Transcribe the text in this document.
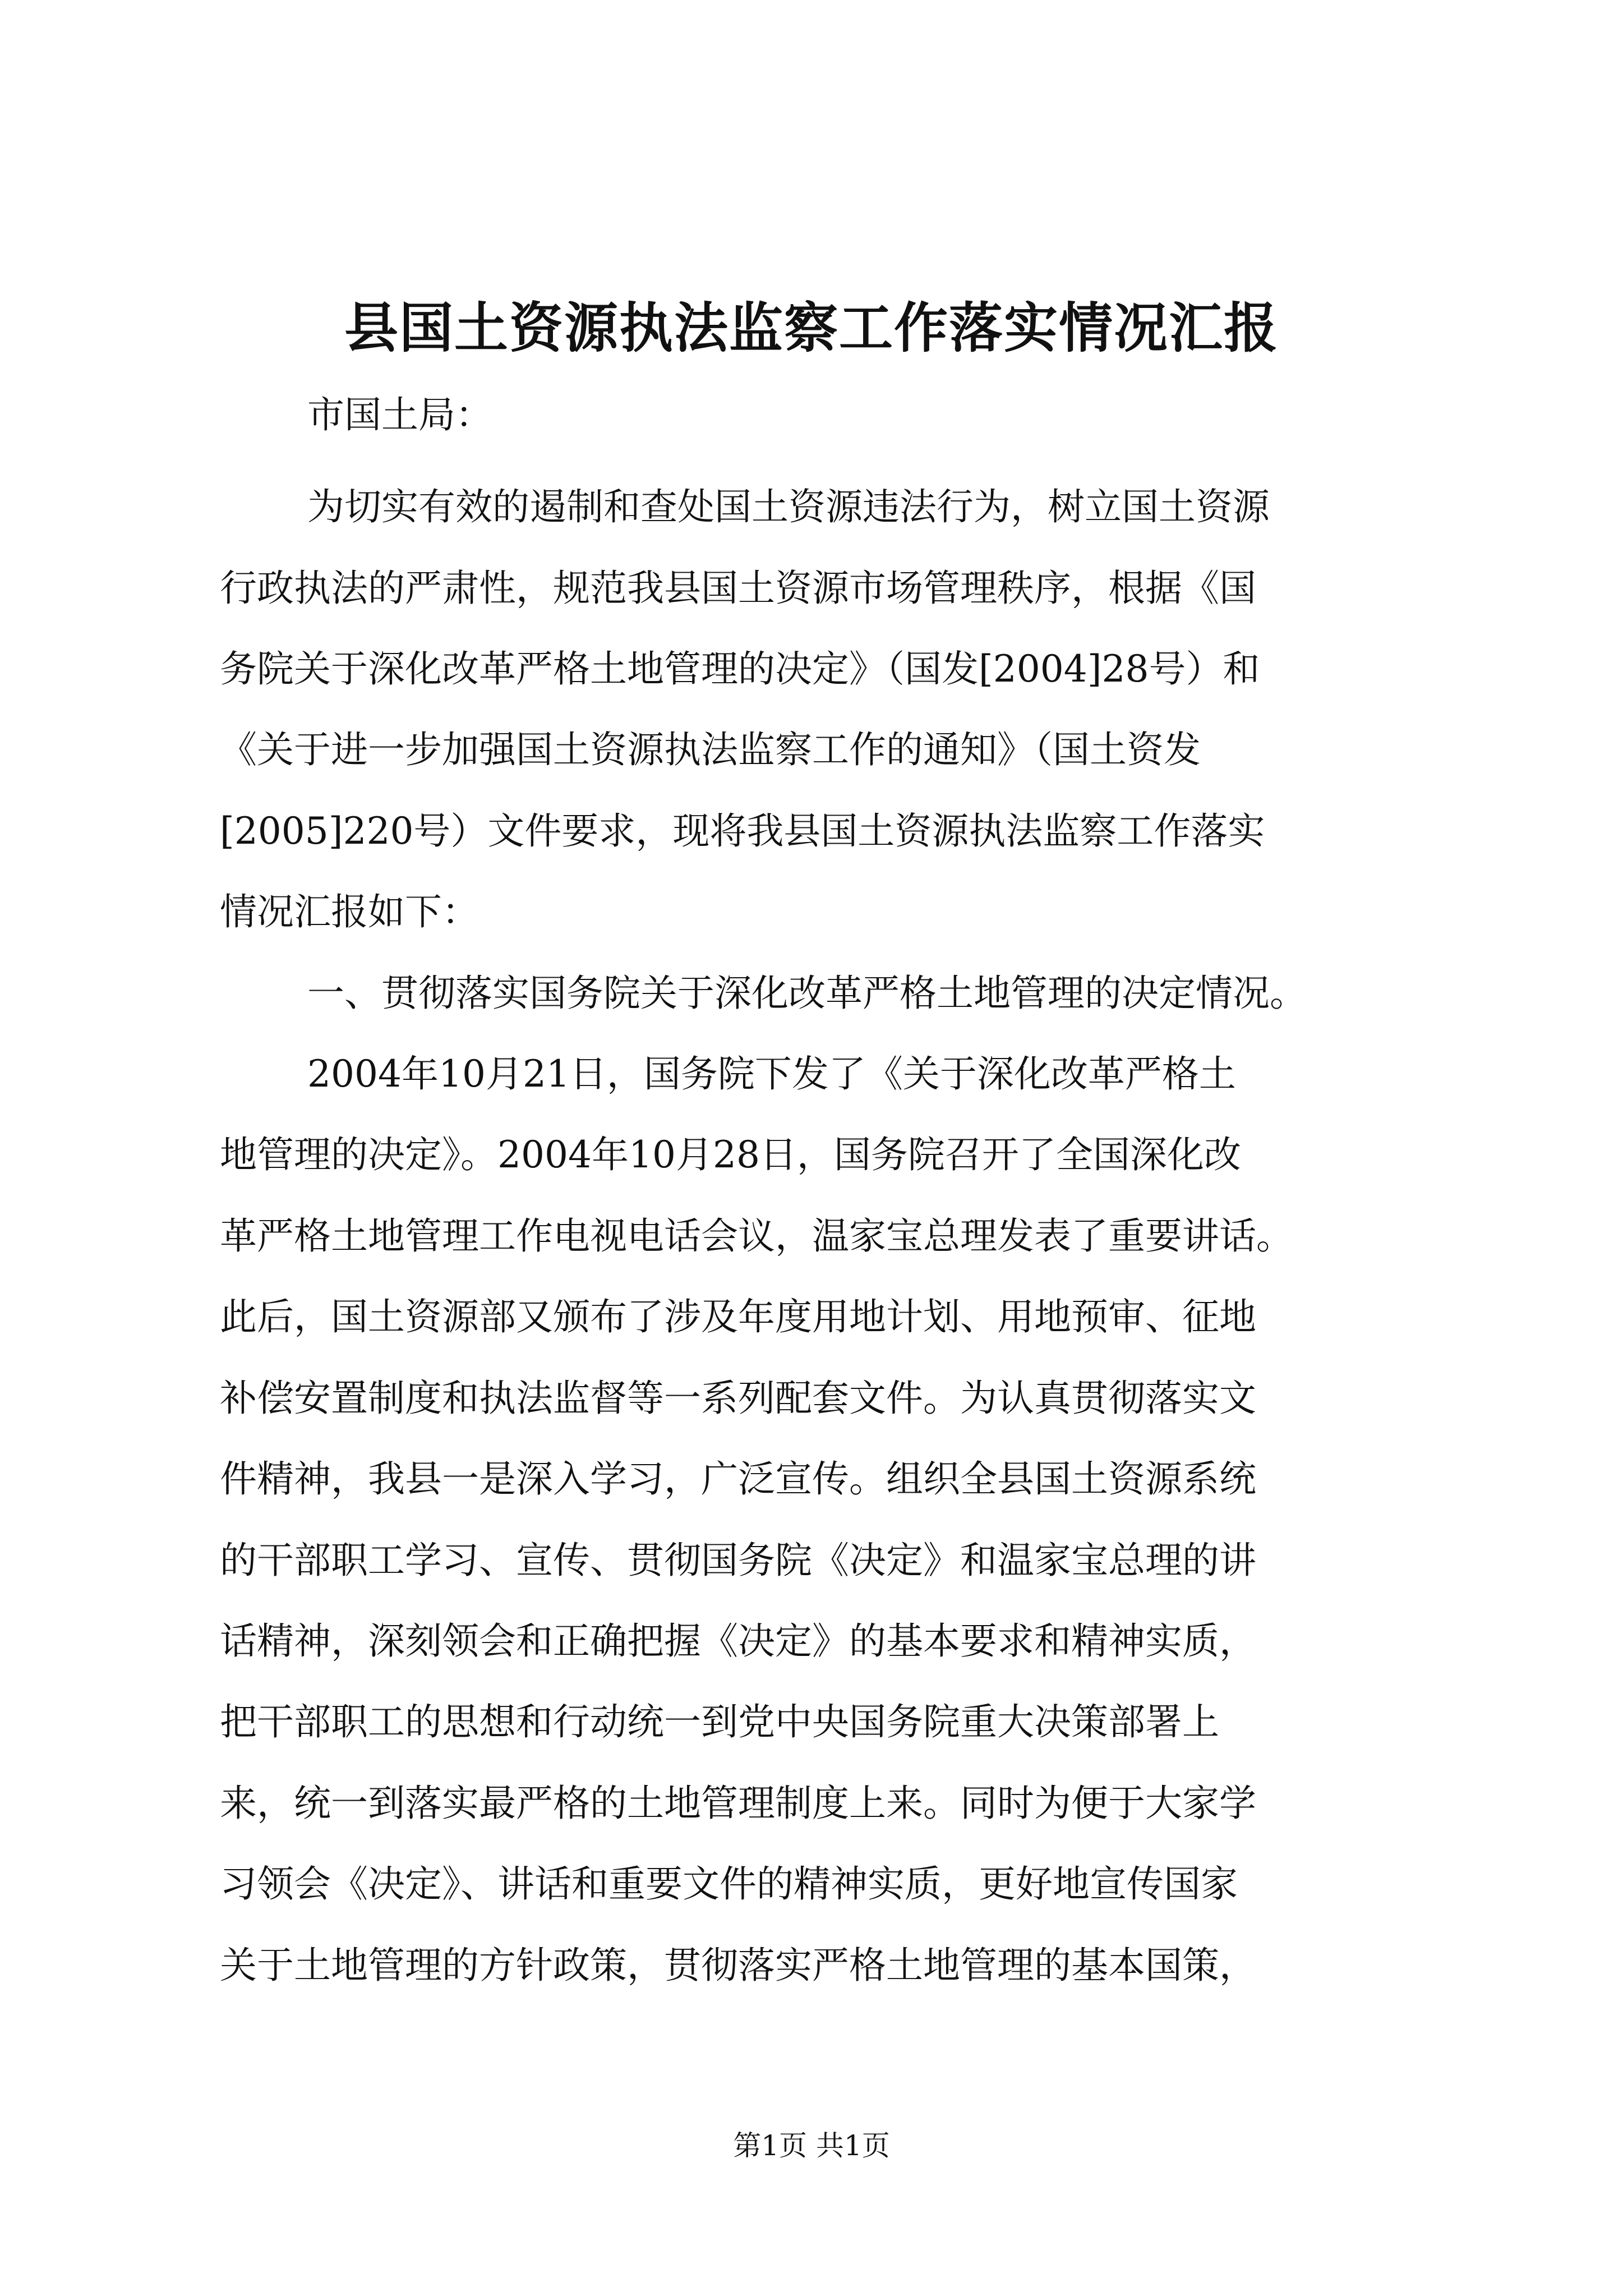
县国土资源执法监察工作落实情况汇报

市国土局：

为切实有效的遏制和查处国土资源违法行为，树立国土资源

行政执法的严肃性，规范我县国土资源市场管理秩序，根据《国

务院关于深化改革严格土地管理的决定》（国发[2004]28号）和

《关于进一步加强国土资源执法监察工作的通知》（国土资发

[2005]220号）文件要求，现将我县国土资源执法监察工作落实

情况汇报如下：

一、贯彻落实国务院关于深化改革严格土地管理的决定情况。

2004年10月21日，国务院下发了《关于深化改革严格土

地管理的决定》。2004年10月28日，国务院召开了全国深化改

革严格土地管理工作电视电话会议，温家宝总理发表了重要讲话。

此后，国土资源部又颁布了涉及年度用地计划、用地预审、征地

补偿安置制度和执法监督等一系列配套文件。为认真贯彻落实文

件精神，我县一是深入学习，广泛宣传。组织全县国土资源系统

的干部职工学习、宣传、贯彻国务院《决定》和温家宝总理的讲

话精神，深刻领会和正确把握《决定》的基本要求和精神实质，

把干部职工的思想和行动统一到党中央国务院重大决策部署上

来，统一到落实最严格的土地管理制度上来。同时为便于大家学

习领会《决定》、讲话和重要文件的精神实质，更好地宣传国家

关于土地管理的方针政策，贯彻落实严格土地管理的基本国策，

第1页 共1页
